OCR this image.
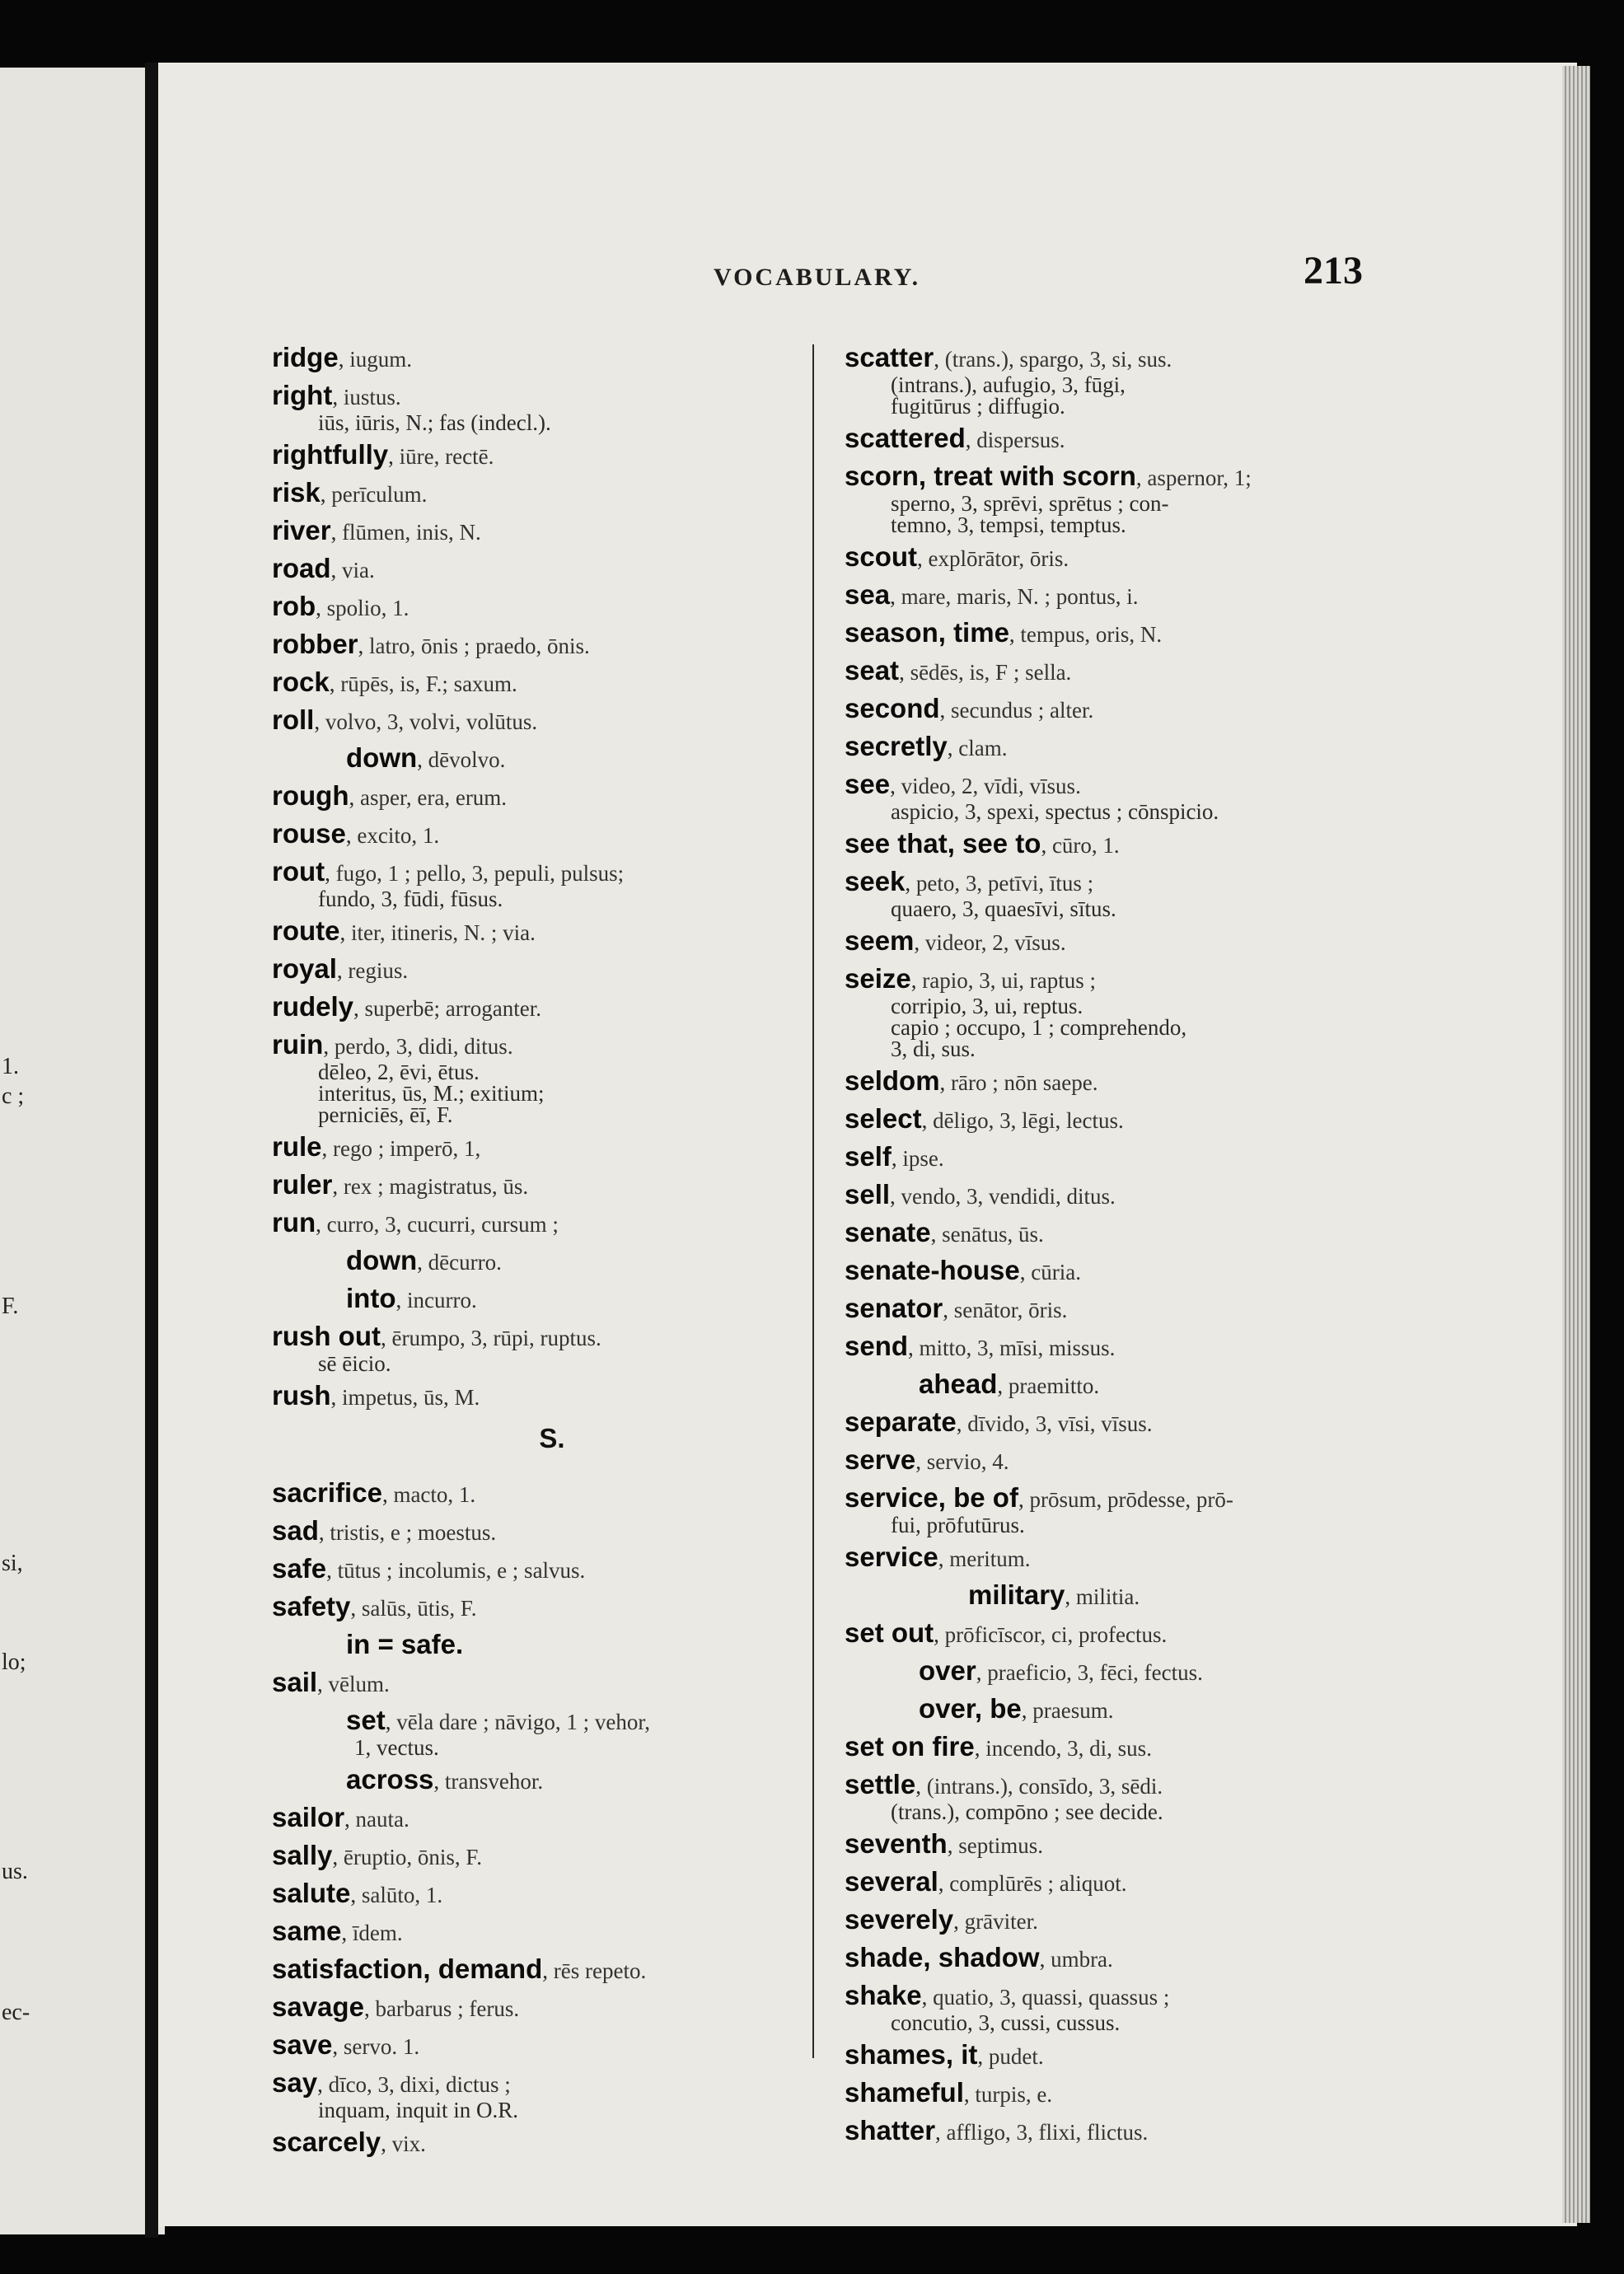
1.
c ;
F.
si,
lo;
us.
ec-
VOCABULARY.	213
ridge, iugum.
right, iustus.
iūs, iūris, N.; fas (indecl.).
rightfully, iūre, rectē.
risk, perīculum.
river, flūmen, inis, N.
road, via.
rob, spolio, 1.
robber, latro, ōnis ; praedo, ōnis.
rock, rūpēs, is, F.; saxum.
roll, volvo, 3, volvi, volūtus.
down, dēvolvo.
rough, asper, era, erum.
rouse, excito, 1.
rout, fugo, 1 ; pello, 3, pepuli, pulsus;
fundo, 3, fūdi, fūsus.
route, iter, itineris, N. ; via.
royal, regius.
rudely, superbē; arroganter.
ruin, perdo, 3, didi, ditus.
dēleo, 2, ēvi, ētus.
interitus, ūs, M.; exitium;
perniciēs, ēī, F.
rule, rego ; imperō, 1,
ruler, rex ; magistratus, ūs.
run, curro, 3, cucurri, cursum ;
down, dēcurro.
into, incurro.
rush out, ērumpo, 3, rūpi, ruptus.
sē ēicio.
rush, impetus, ūs, M.
S.
sacrifice, macto, 1.
sad, tristis, e ; moestus.
safe, tūtus ; incolumis, e ; salvus.
safety, salūs, ūtis, F.
in = safe.
sail, vēlum.
set, vēla dare ; nāvigo, 1 ; vehor,
1, vectus.
across, transvehor.
sailor, nauta.
sally, ēruptio, ōnis, F.
salute, salūto, 1.
same, īdem.
satisfaction, demand, rēs repeto.
savage, barbarus ; ferus.
save, servo. 1.
say, dīco, 3, dixi, dictus ;
inquam, inquit in O.R.
scarcely, vix.
scatter, (trans.), spargo, 3, si, sus.
(intrans.), aufugio, 3, fūgi,
fugitūrus ; diffugio.
scattered, dispersus.
scorn, treat with scorn, aspernor, 1;
sperno, 3, sprēvi, sprētus ; con-
temno, 3, tempsi, temptus.
scout, explōrātor, ōris.
sea, mare, maris, N. ; pontus, i.
season, time, tempus, oris, N.
seat, sēdēs, is, F ; sella.
second, secundus ; alter.
secretly, clam.
see, video, 2, vīdi, vīsus.
aspicio, 3, spexi, spectus ; cōnspicio.
see that, see to, cūro, 1.
seek, peto, 3, petīvi, ītus ;
quaero, 3, quaesīvi, sītus.
seem, videor, 2, vīsus.
seize, rapio, 3, ui, raptus ;
corripio, 3, ui, reptus.
capio ; occupo, 1 ; comprehendo,
3, di, sus.
seldom, rāro ; nōn saepe.
select, dēligo, 3, lēgi, lectus.
self, ipse.
sell, vendo, 3, vendidi, ditus.
senate, senātus, ūs.
senate-house, cūria.
senator, senātor, ōris.
send, mitto, 3, mīsi, missus.
ahead, praemitto.
separate, dīvido, 3, vīsi, vīsus.
serve, servio, 4.
service, be of, prōsum, prōdesse, prō-
fui, prōfutūrus.
service, meritum.
military, militia.
set out, prōficīscor, ci, profectus.
over, praeficio, 3, fēci, fectus.
over, be, praesum.
set on fire, incendo, 3, di, sus.
settle, (intrans.), consīdo, 3, sēdi.
(trans.), compōno ; see decide.
seventh, septimus.
several, complūrēs ; aliquot.
severely, grāviter.
shade, shadow, umbra.
shake, quatio, 3, quassi, quassus ;
concutio, 3, cussi, cussus.
shames, it, pudet.
shameful, turpis, e.
shatter, affligo, 3, flixi, flictus.
